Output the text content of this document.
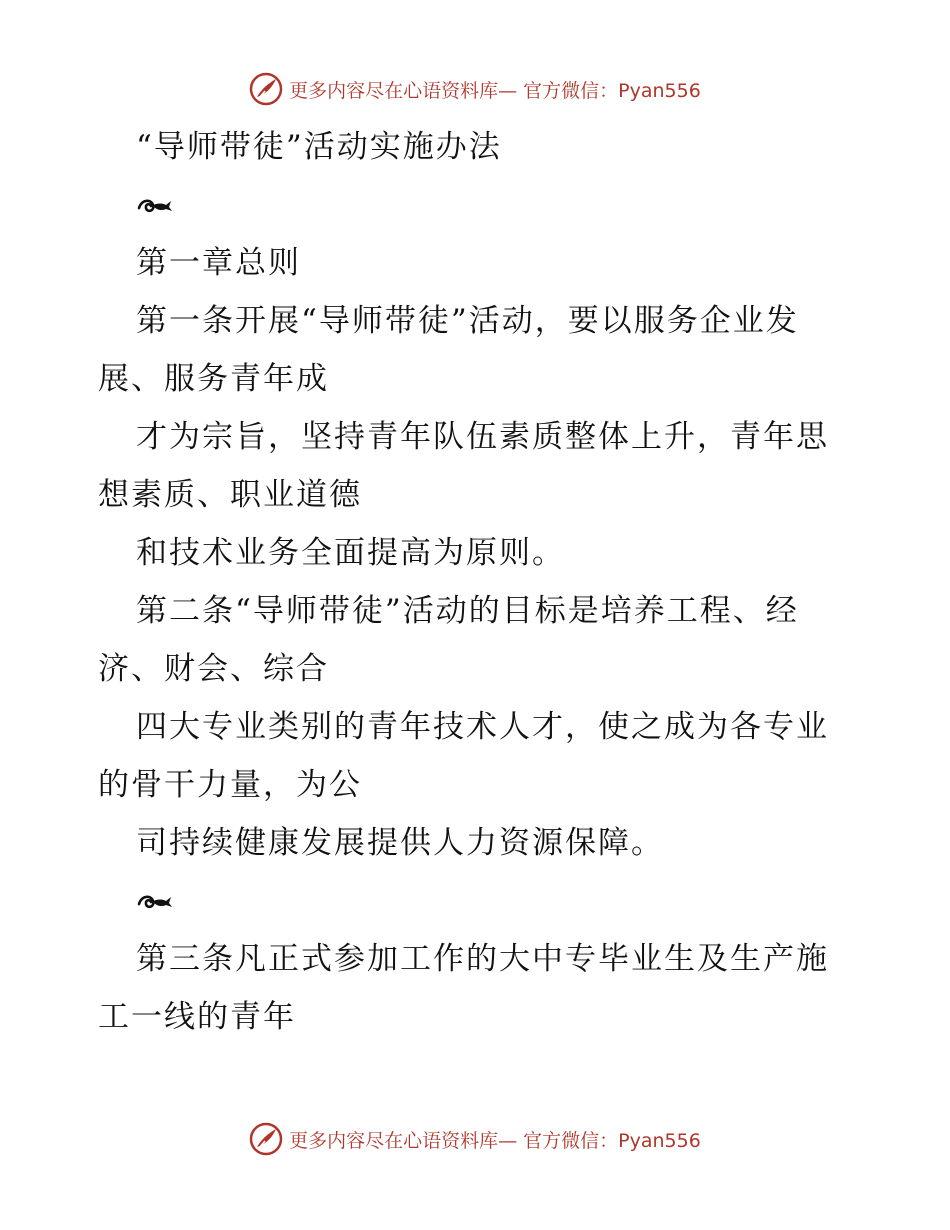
更多内容尽在心语资料库— 官方微信：Pyan556
“导师带徒”活动实施办法
第一章总则
第一条开展“导师带徒”活动，要以服务企业发
展、服务青年成
才为宗旨，坚持青年队伍素质整体上升，青年思
想素质、职业道德
和技术业务全面提高为原则。
第二条“导师带徒”活动的目标是培养工程、经
济、财会、综合
四大专业类别的青年技术人才，使之成为各专业
的骨干力量，为公
司持续健康发展提供人力资源保障。
第三条凡正式参加工作的大中专毕业生及生产施
工一线的青年
更多内容尽在心语资料库— 官方微信：Pyan556
